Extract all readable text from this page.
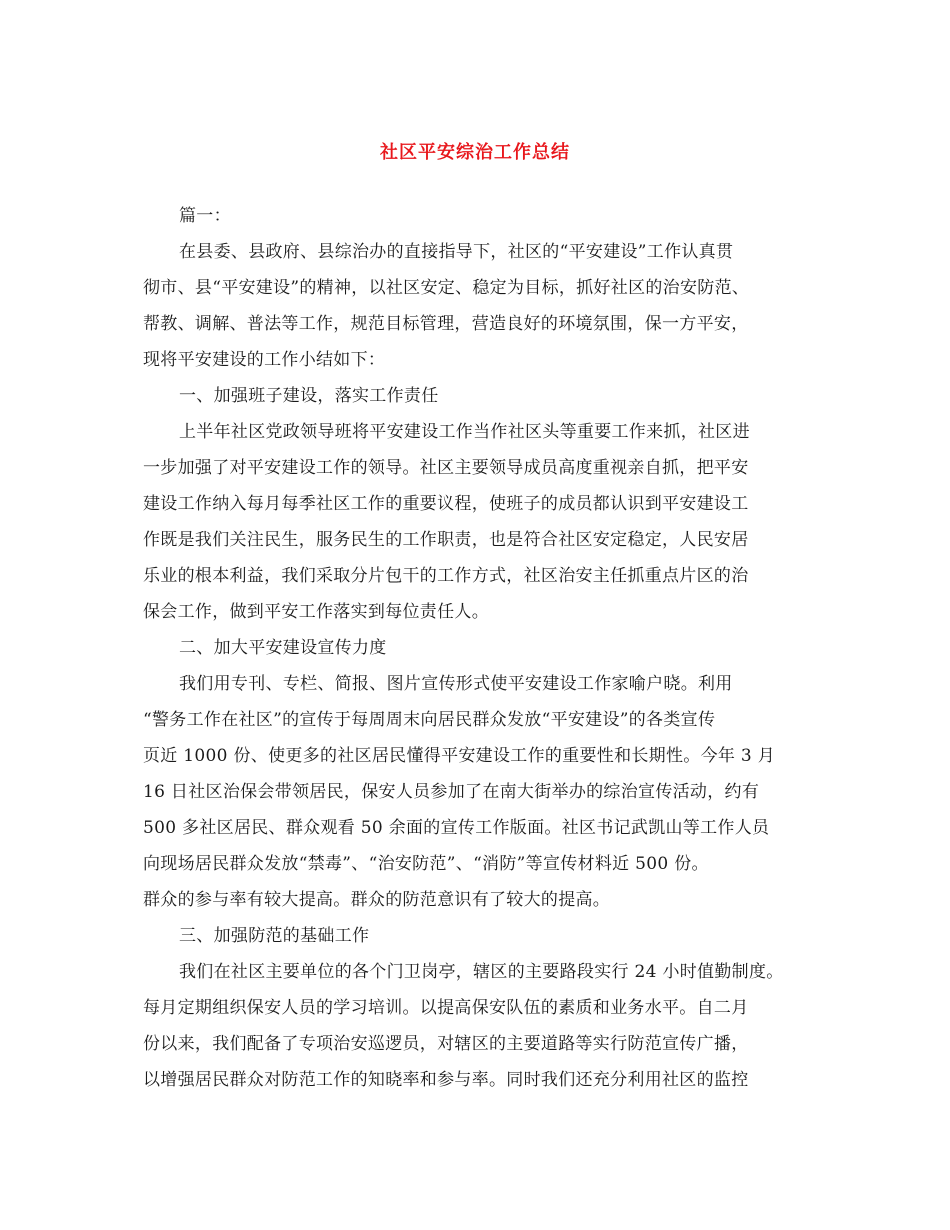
社区平安综治工作总结
篇一：
在县委、县政府、县综治办的直接指导下，社区的“平安建设”工作认真贯
彻市、县“平安建设”的精神，以社区安定、稳定为目标，抓好社区的治安防范、
帮教、调解、普法等工作，规范目标管理，营造良好的环境氛围，保一方平安，
现将平安建设的工作小结如下：
一、加强班子建设，落实工作责任
上半年社区党政领导班将平安建设工作当作社区头等重要工作来抓，社区进
一步加强了对平安建设工作的领导。社区主要领导成员高度重视亲自抓，把平安
建设工作纳入每月每季社区工作的重要议程，使班子的成员都认识到平安建设工
作既是我们关注民生，服务民生的工作职责，也是符合社区安定稳定，人民安居
乐业的根本利益，我们采取分片包干的工作方式，社区治安主任抓重点片区的治
保会工作，做到平安工作落实到每位责任人。
二、加大平安建设宣传力度
我们用专刊、专栏、简报、图片宣传形式使平安建设工作家喻户晓。利用
“警务工作在社区”的宣传于每周周末向居民群众发放“平安建设”的各类宣传
页近 1000 份、使更多的社区居民懂得平安建设工作的重要性和长期性。今年 3 月
16 日社区治保会带领居民，保安人员参加了在南大街举办的综治宣传活动，约有
500 多社区居民、群众观看 50 余面的宣传工作版面。社区书记武凯山等工作人员
向现场居民群众发放“禁毒”、“治安防范”、“消防”等宣传材料近 500 份。
群众的参与率有较大提高。群众的防范意识有了较大的提高。
三、加强防范的基础工作
我们在社区主要单位的各个门卫岗亭，辖区的主要路段实行 24 小时值勤制度。
每月定期组织保安人员的学习培训。以提高保安队伍的素质和业务水平。自二月
份以来，我们配备了专项治安巡逻员，对辖区的主要道路等实行防范宣传广播，
以增强居民群众对防范工作的知晓率和参与率。同时我们还充分利用社区的监控
